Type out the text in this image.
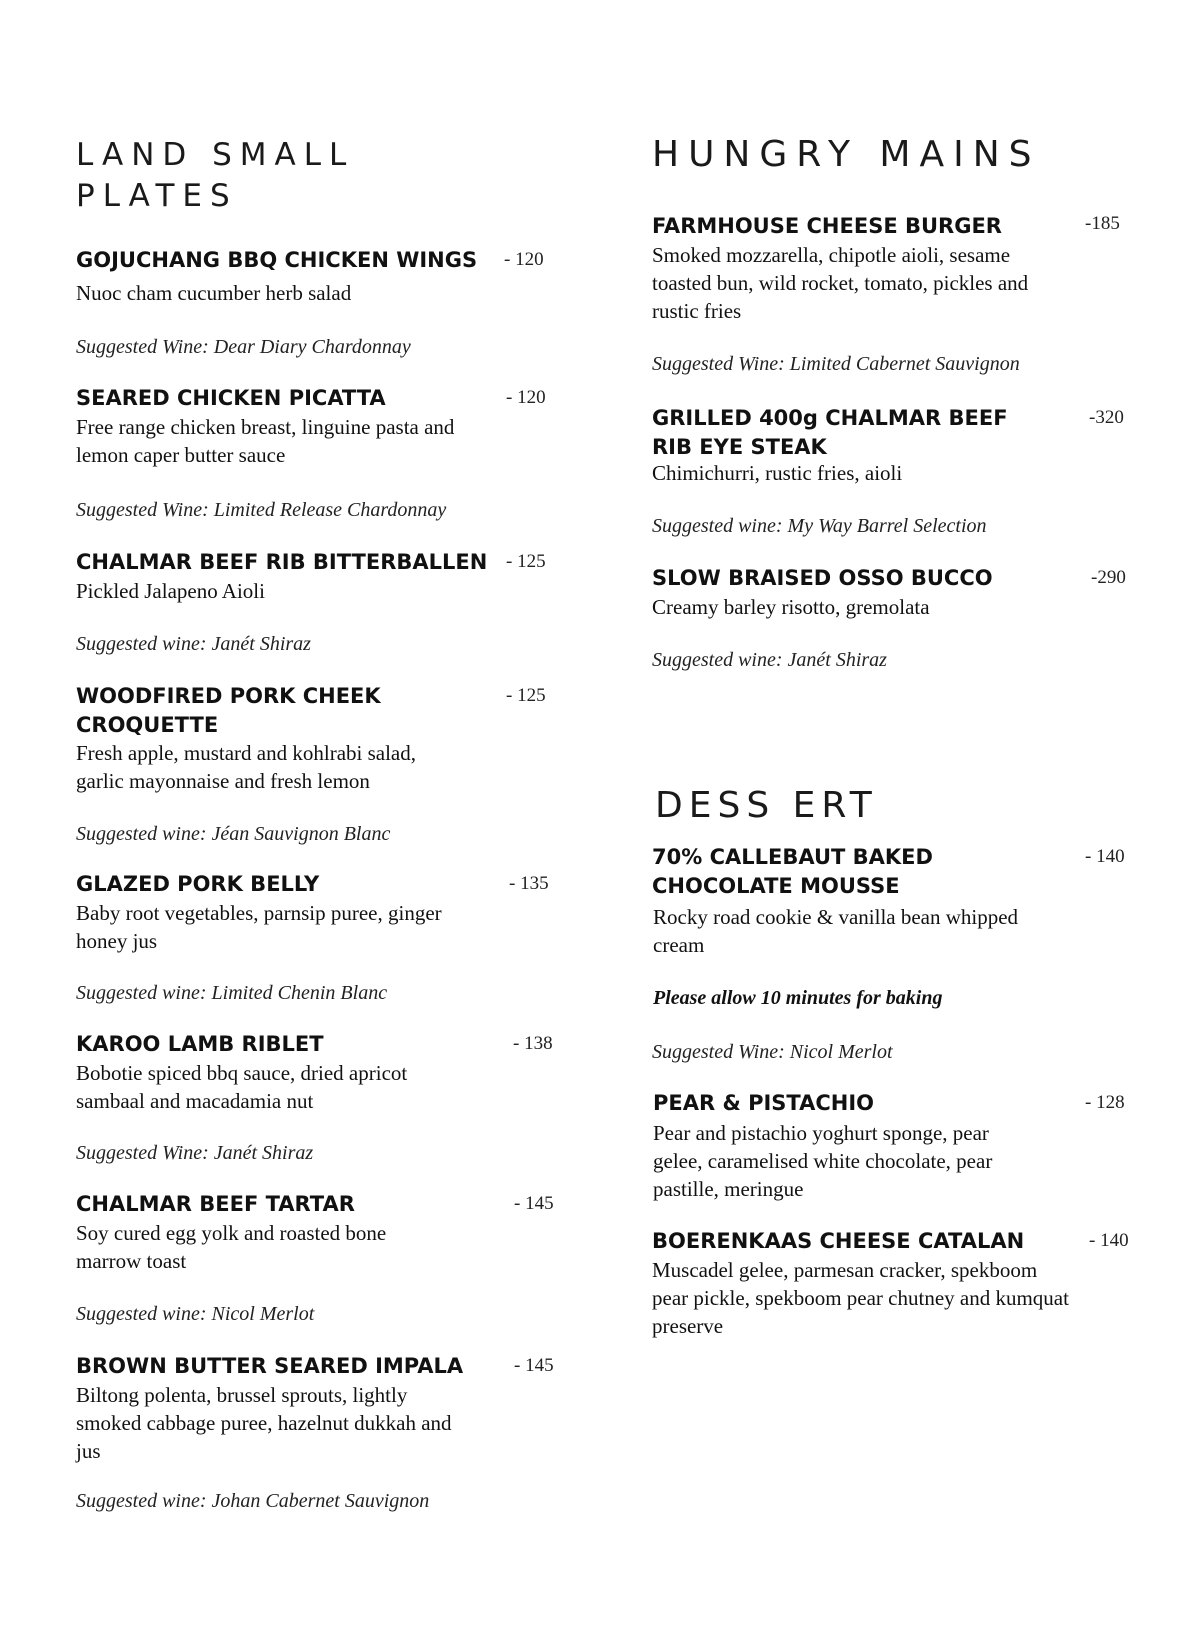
LAND SMALL
PLATES
GOJUCHANG BBQ CHICKEN WINGS - 120
Nuoc cham cucumber herb salad
Suggested Wine: Dear Diary Chardonnay
SEARED CHICKEN PICATTA	- 120
Free range chicken breast, linguine pasta and lemon caper butter sauce
Suggested Wine: Limited Release Chardonnay
CHALMAR BEEF RIB BITTERBALLEN - 125
Pickled Jalapeno Aioli
Suggested wine: Janét Shiraz
WOODFIRED PORK CHEEK CROQUETTE
- 125
Fresh apple, mustard and kohlrabi salad, garlic mayonnaise and fresh lemon
Suggested wine: Jéan Sauvignon Blanc
GLAZED PORK BELLY	- 135
Baby root vegetables, parnsip puree, ginger honey jus
Suggested wine: Limited Chenin Blanc
KAROO LAMB RIBLET	- 138
Bobotie spiced bbq sauce, dried apricot sambaal and macadamia nut
Suggested Wine: Janét Shiraz
CHALMAR BEEF TARTAR	- 145
Soy cured egg yolk and roasted bone marrow toast
Suggested wine: Nicol Merlot
BROWN BUTTER SEARED IMPALA	- 145
Biltong polenta, brussel sprouts, lightly smoked cabbage puree, hazelnut dukkah and jus
Suggested wine: Johan Cabernet Sauvignon
HUNGRY MAINS
FARMHOUSE CHEESE BURGER	-185
Smoked mozzarella, chipotle aioli, sesame toasted bun, wild rocket, tomato, pickles and rustic fries
Suggested Wine: Limited Cabernet Sauvignon
GRILLED 400g CHALMAR BEEF RIB EYE STEAK
-320
Chimichurri, rustic fries, aioli
Suggested wine: My Way Barrel Selection
SLOW BRAISED OSSO BUCCO	-290
Creamy barley risotto, gremolata
Suggested wine: Janét Shiraz
DESS ERT
70% CALLEBAUT BAKED CHOCOLATE MOUSSE
- 140
Rocky road cookie & vanilla bean whipped cream
Please allow 10 minutes for baking
Suggested Wine: Nicol Merlot
PEAR & PISTACHIO	- 128
Pear and pistachio yoghurt sponge, pear gelee, caramelised white chocolate, pear pastille, meringue
BOERENKAAS CHEESE CATALAN	- 140
Muscadel gelee, parmesan cracker, spekboom pear pickle, spekboom pear chutney and kumquat preserve
